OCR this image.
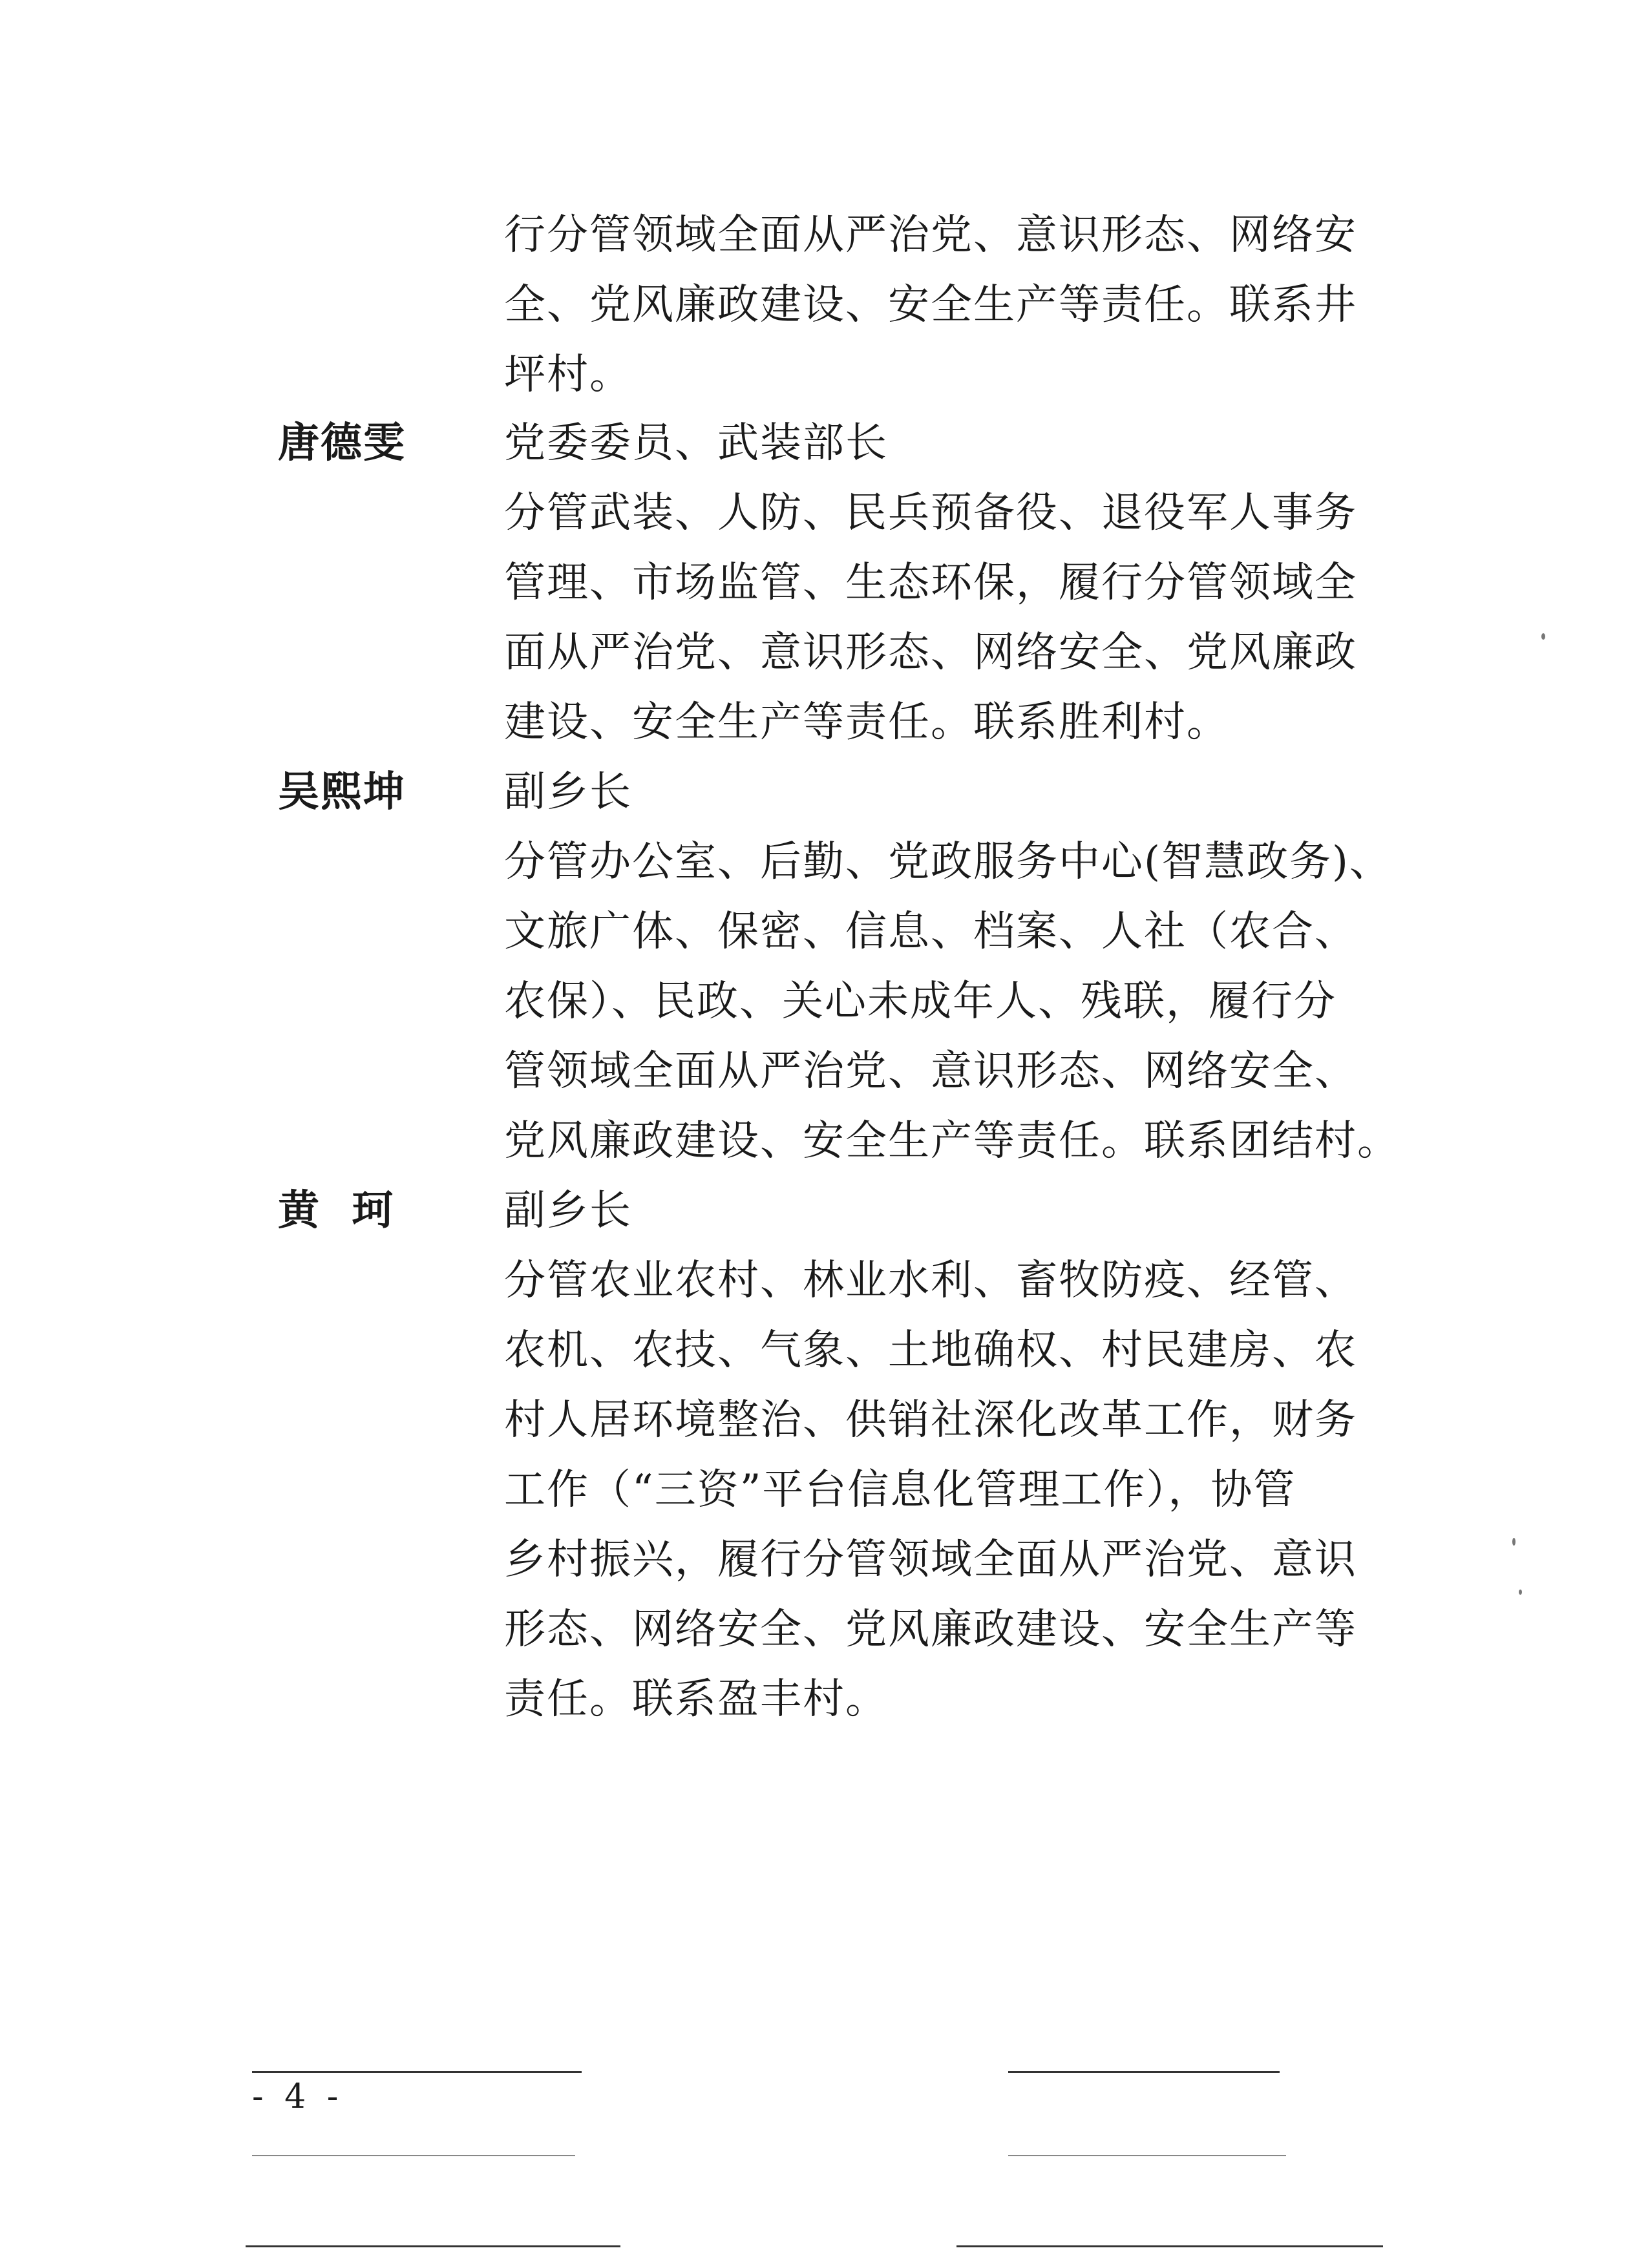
行分管领域全面从严治党、意识形态、网络安
全、党风廉政建设、安全生产等责任。联系井
坪村。
唐德雯 党委委员、武装部长
分管武装、人防、民兵预备役、退役军人事务
管理、市场监管、生态环保，履行分管领域全
面从严治党、意识形态、网络安全、党风廉政
建设、安全生产等责任。联系胜利村。
吴熙坤 副乡长
分管办公室、后勤、党政服务中心(智慧政务)、
文旅广体、保密、信息、档案、人社（农合、
农保）、民政、关心未成年人、残联，履行分
管领域全面从严治党、意识形态、网络安全、
党风廉政建设、安全生产等责任。联系团结村。
黄  珂	副乡长
分管农业农村、林业水利、畜牧防疫、经管、
农机、农技、气象、土地确权、村民建房、农
村人居环境整治、供销社深化改革工作，财务
工作（“三资”平台信息化管理工作），协管
乡村振兴，履行分管领域全面从严治党、意识
形态、网络安全、党风廉政建设、安全生产等
责任。联系盈丰村。
- 4 -
